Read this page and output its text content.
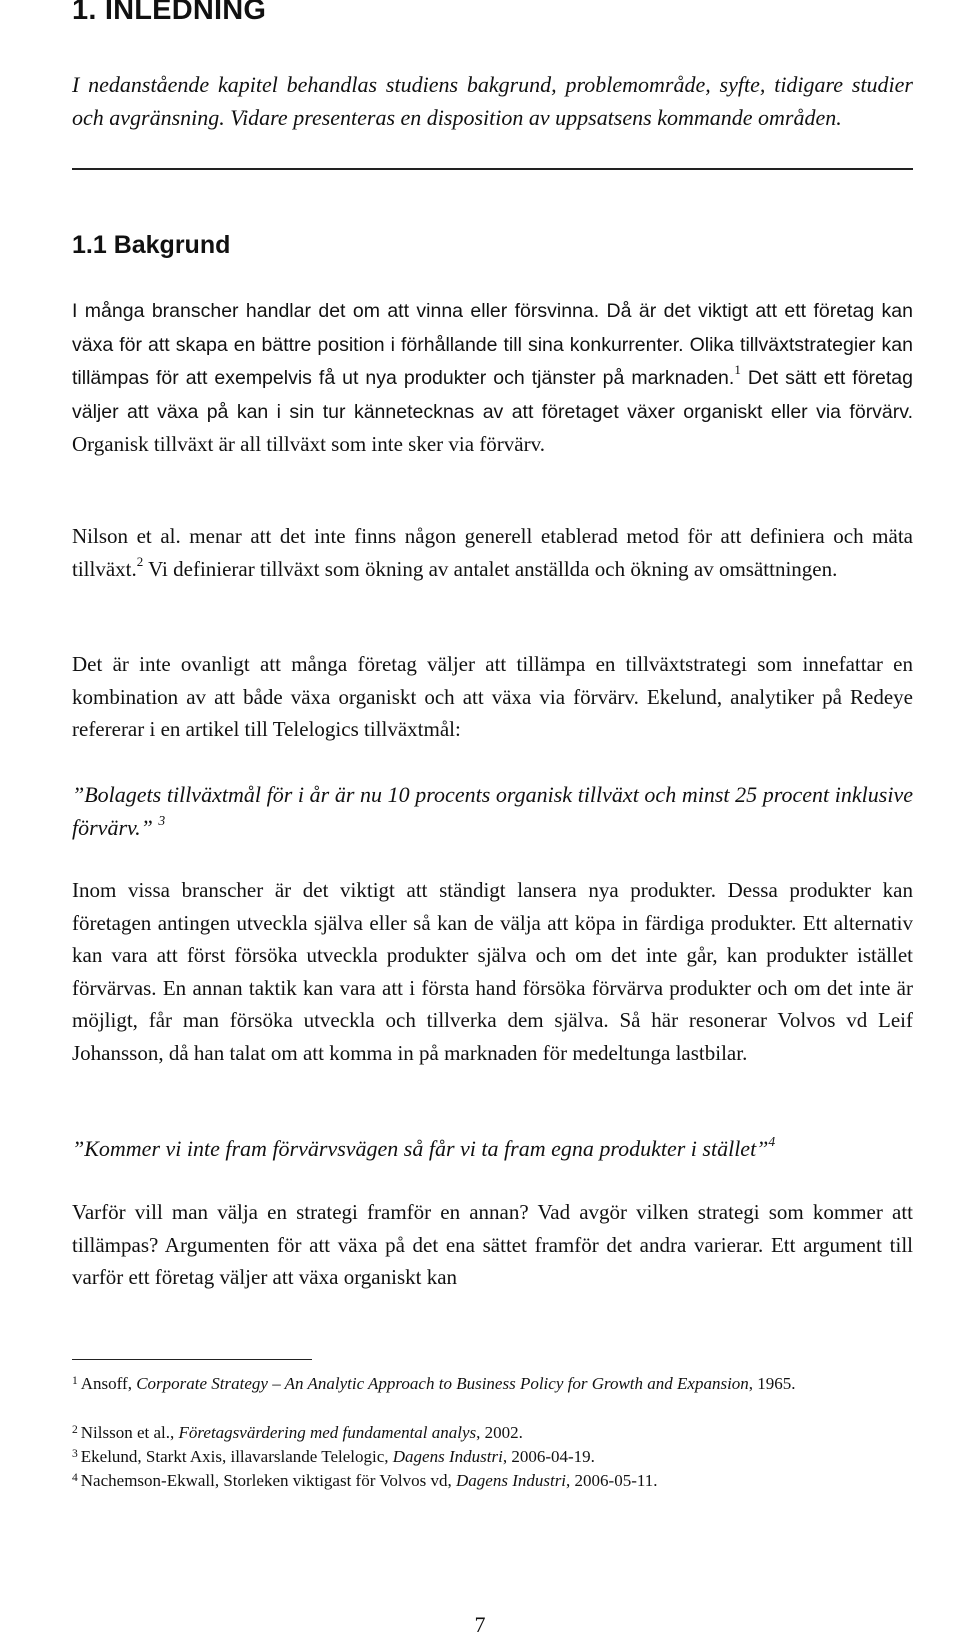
1. INLEDNING

I nedanstående kapitel behandlas studiens bakgrund, problemområde, syfte, tidigare studier och avgränsning. Vidare presenteras en disposition av uppsatsens kommande områden.

1.1 Bakgrund

I många branscher handlar det om att vinna eller försvinna. Då är det viktigt att ett företag kan växa för att skapa en bättre position i förhållande till sina konkurrenter. Olika tillväxtstrategier kan tillämpas för att exempelvis få ut nya produkter och tjänster på marknaden.$^1$ Det sätt ett företag väljer att växa på kan i sin tur kännetecknas av att företaget växer organiskt eller via förvärv. Organisk tillväxt är all tillväxt som inte sker via förvärv.

Nilson et al. menar att det inte finns någon generell etablerad metod för att definiera och mäta tillväxt.$^2$ Vi definierar tillväxt som ökning av antalet anställda och ökning av omsättningen.

Det är inte ovanligt att många företag väljer att tillämpa en tillväxtstrategi som innefattar en kombination av att både växa organiskt och att växa via förvärv. Ekelund, analytiker på Redeye refererar i en artikel till Telelogics tillväxtmål:

”Bolagets tillväxtmål för i år är nu 10 procents organisk tillväxt och minst 25 procent inklusive förvärv.” $^3$

Inom vissa branscher är det viktigt att ständigt lansera nya produkter. Dessa produkter kan företagen antingen utveckla själva eller så kan de välja att köpa in färdiga produkter. Ett alternativ kan vara att först försöka utveckla produkter själva och om det inte går, kan produkter istället förvärvas. En annan taktik kan vara att i första hand försöka förvärva produkter och om det inte är möjligt, får man försöka utveckla och tillverka dem själva. Så här resonerar Volvos vd Leif Johansson, då han talat om att komma in på marknaden för medeltunga lastbilar.

”Kommer vi inte fram förvärvsvägen så får vi ta fram egna produkter i stället”$^4$

Varför vill man välja en strategi framför en annan? Vad avgör vilken strategi som kommer att tillämpas? Argumenten för att växa på det ena sättet framför det andra varierar. Ett argument till varför ett företag väljer att växa organiskt kan

$^1$ Ansoff, Corporate Strategy – An Analytic Approach to Business Policy for Growth and Expansion, 1965.

$^2$ Nilsson et al., Företagsvärdering med fundamental analys, 2002.

$^3$ Ekelund, Starkt Axis, illavarslande Telelogic, Dagens Industri, 2006-04-19.

$^4$ Nachemson-Ekwall, Storleken viktigast för Volvos vd, Dagens Industri, 2006-05-11.

7
